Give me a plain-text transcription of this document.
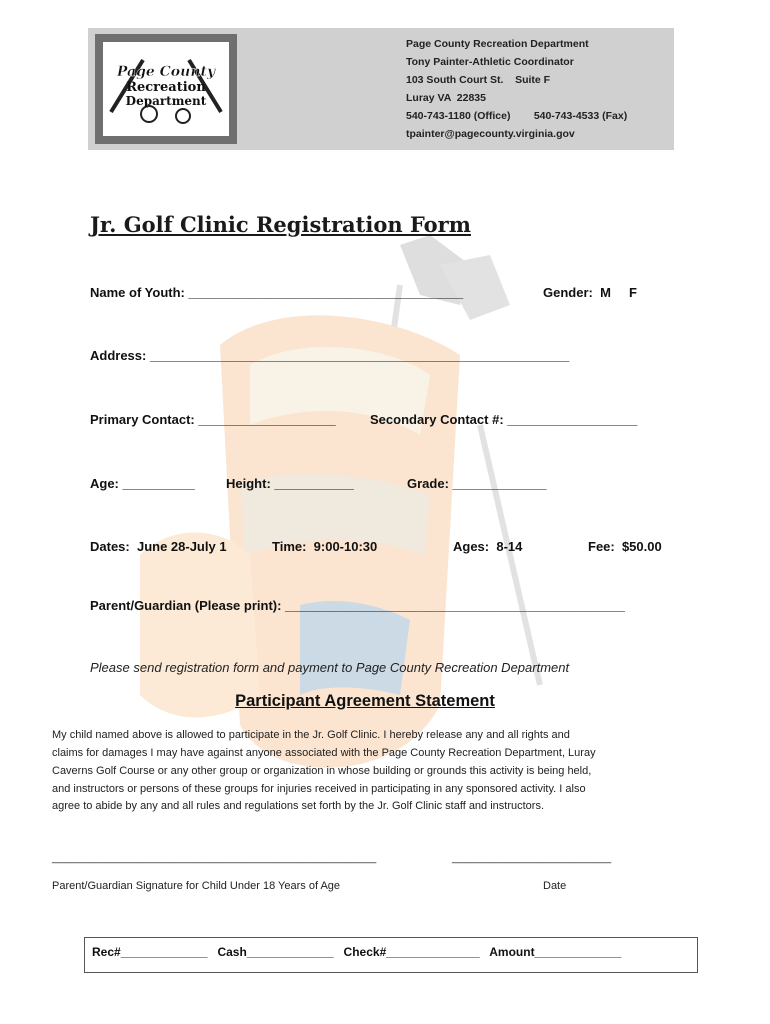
Page County
Recreation
Department
Page County Recreation Department
Tony Painter-Athletic Coordinator
103 South Court St.    Suite F
Luray VA  22835
540-743-1180 (Office)        540-743-4533 (Fax)
tpainter@pagecounty.virginia.gov
Jr. Golf Clinic Registration Form
Name of Youth: ______________________________________	Gender:  M     F
Address: __________________________________________________________
Primary Contact: ___________________	Secondary Contact #: __________________
Age: __________ Height: ___________	Grade: _____________
Dates:  June 28-July 1	Time:  9:00-10:30	Ages:  8-14	Fee:  $50.00
Parent/Guardian (Please print): _______________________________________________
Please send registration form and payment to Page County Recreation Department
Participant Agreement Statement
My child named above is allowed to participate in the Jr. Golf Clinic. I hereby release any and all rights and
claims for damages I may have against anyone associated with the Page County Recreation Department, Luray
Caverns Golf Course or any other group or organization in whose building or grounds this activity is being held,
and instructors or persons of these groups for injuries received in participating in any sponsored activity. I also
agree to abide by any and all rules and regulations set forth by the Jr. Golf Clinic staff and instructors.
_____________________________________________________	__________________________
Parent/Guardian Signature for Child Under 18 Years of Age	Date
Rec#_____________   Cash_____________   Check#______________   Amount_____________
